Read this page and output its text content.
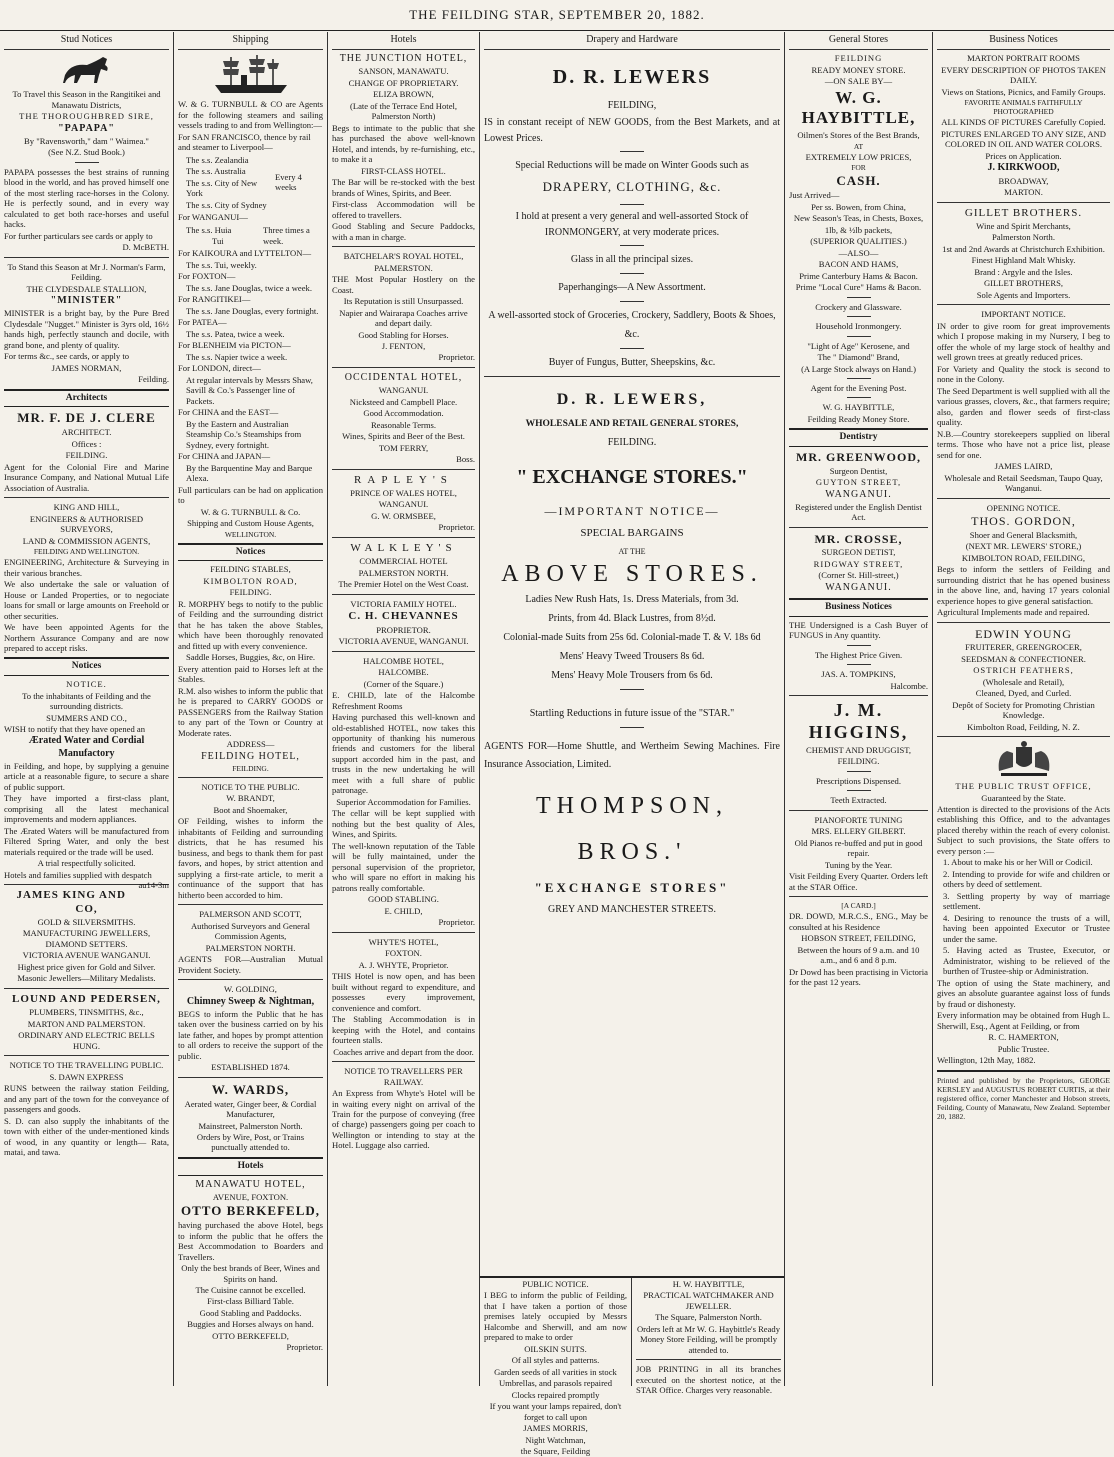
THE FEILDING STAR, SEPTEMBER 20, 1882.
Stud Notices

To Travel this Season in the Rangitikei and Manawatu Districts,

THE THOROUGHBRED SIRE,

"PAPAPA"

By "Ravensworth," dam " Waimea."

(See N.Z. Stud Book.)

PAPAPA possesses the best strains of running blood in the world, and has proved himself one of the most sterling race-horses in the Colony. He is perfectly sound, and in every way calculated to get both race-horses and useful hacks.

For further particulars see cards or apply to

D. McBETH.

To Stand this Season at Mr J. Norman's Farm, Feilding.

THE CLYDESDALE STALLION,

"MINISTER"

MINISTER is a bright bay, by the Pure Bred Clydesdale "Nugget." Minister is 3yrs old, 16½ hands high, perfectly staunch and docile, with grand bone, and plenty of quality.

For terms &c., see cards, or apply to

JAMES NORMAN,

Feilding.

Architects

MR. F. DE J. CLERE

ARCHITECT.

Offices :

FEILDING.

Agent for the Colonial Fire and Marine Insurance Company, and National Mutual Life Association of Australia.

KING AND HILL,

ENGINEERS & AUTHORISED SURVEYORS,

LAND & COMMISSION AGENTS,

FEILDING AND WELLINGTON.

ENGINEERING, Architecture & Surveying in their various branches.

We also undertake the sale or valuation of House or Landed Properties, or to negociate loans for small or large amounts on Freehold or other securities.

We have been appointed Agents for the Northern Assurance Company and are now prepared to accept risks.

Notices

NOTICE.

To the inhabitants of Feilding and the surrounding districts.

SUMMERS AND CO.,

WISH to notify that they have opened an

Ærated Water and Cordial Manufactory

in Feilding, and hope, by supplying a genuine article at a reasonable figure, to secure a share of public support.

They have imported a first-class plant, comprising all the latest mechanical improvements and modern appliances.

The Ærated Waters will be manufactured from Filtered Spring Water, and only the best materials required or the trade will be used.

A trial respectfully solicited.

Hotels and families supplied with despatch
au14-3m

JAMES KING AND CO,

GOLD & SILVERSMITHS.

MANUFACTURING JEWELLERS, DIAMOND SETTERS.

VICTORIA AVENUE WANGANUI.

Highest price given for Gold and Silver.

Masonic Jewellers—Military Medalists.

LOUND AND PEDERSEN,

PLUMBERS, TINSMITHS, &c.,

MARTON AND PALMERSTON.

ORDINARY AND ELECTRIC BELLS HUNG.

NOTICE TO THE TRAVELLING PUBLIC.

S. DAWN EXPRESS

RUNS between the railway station Feilding, and any part of the town for the conveyance of passengers and goods.

S. D. can also supply the inhabitants of the town with either of the under-mentioned kinds of wood, in any quantity or length— Rata, matai, and tawa.

Shipping

W. & G. TURNBULL & CO are Agents for the following steamers and sailing vessels trading to and from Wellington:—

For SAN FRANCISCO, thence by rail and steamer to Liverpool—

The s.s. Zealandia

The s.s. Australia

The s.s. City of New York

The s.s. City of Sydney

Every 4 weeks

For WANGANUI—

The s.s. Huia

Tui

Three times a week.

For KAIKOURA and LYTTELTON—

The s.s. Tui, weekly.

For FOXTON—

The s.s. Jane Douglas, twice a week.

For RANGITIKEI—

The s.s. Jane Douglas, every fortnight.

For PATEA—

The s.s. Patea, twice a week.

For BLENHEIM via PICTON—

The s.s. Napier twice a week.

For LONDON, direct—

At regular intervals by Messrs Shaw, Savill & Co.'s Passenger line of Packets.

For CHINA and the EAST—

By the Eastern and Australian Steamship Co.'s Steamships from Sydney, every fortnight.

For CHINA and JAPAN—

By the Barquentine May and Barque Alexa.

Full particulars can be had on application to

W. & G. TURNBULL & Co.

Shipping and Custom House Agents,

WELLINGTON.

Notices

FEILDING STABLES,

KIMBOLTON ROAD,

FEILDING.

R. MORPHY begs to notify to the public of Feilding and the surrounding district that he has taken the above Stables, which have been thoroughly renovated and fitted up with every convenience.

Saddle Horses, Buggies, &c, on Hire.

Every attention paid to Horses left at the Stables.

R.M. also wishes to inform the public that he is prepared to CARRY GOODS or PASSENGERS from the Railway Station to any part of the Town or Country at Moderate rates.

ADDRESS—

FEILDING HOTEL,

FEILDING.

NOTICE TO THE PUBLIC.

W. BRANDT,

Boot and Shoemaker,

OF Feilding, wishes to inform the inhabitants of Feilding and surrounding districts, that he has resumed his business, and begs to thank them for past favors, and hopes, by strict attention and supplying a first-rate article, to merit a continuance of the support that has hitherto been accorded to him.

PALMERSON AND SCOTT,

Authorised Surveyors and General Commission Agents,

PALMERSTON NORTH.

AGENTS FOR—Australian Mutual Provident Society.

W. GOLDING,

Chimney Sweep & Nightman,

BEGS to inform the Public that he has taken over the business carried on by his late father, and hopes by prompt attention to all orders to receive the support of the public.

ESTABLISHED 1874.

W. WARDS,

Aerated water, Ginger beer, & Cordial Manufacturer,

Mainstreet, Palmerston North.

Orders by Wire, Post, or Trains punctually attended to.

Hotels

MANAWATU HOTEL,

AVENUE, FOXTON.

OTTO BERKEFELD,

having purchased the above Hotel, begs to inform the public that he offers the Best Accommodation to Boarders and Travellers.

Only the best brands of Beer, Wines and Spirits on hand.

The Cuisine cannot be excelled.

First-class Billiard Table.

Good Stabling and Paddocks.

Buggies and Horses always on hand.

OTTO BERKEFELD,

Proprietor.

Hotels

THE JUNCTION HOTEL,

SANSON, MANAWATU.

CHANGE OF PROPRIETARY.

ELIZA BROWN,

(Late of the Terrace End Hotel, Palmerston North)

Begs to intimate to the public that she has purchased the above well-known Hotel, and intends, by re-furnishing, etc., to make it a

FIRST-CLASS HOTEL.

The Bar will be re-stocked with the best brands of Wines, Spirits, and Beer.

First-class Accommodation will be offered to travellers.

Good Stabling and Secure Paddocks, with a man in charge.

BATCHELAR'S ROYAL HOTEL,

PALMERSTON.

THE Most Popular Hostlery on the Coast.

Its Reputation is still Unsurpassed.

Napier and Wairarapa Coaches arrive and depart daily.

Good Stabling for Horses.

J. FENTON,

Proprietor.

OCCIDENTAL HOTEL,

WANGANUI.

Nicksteed and Campbell Place.

Good Accommodation.

Reasonable Terms.

Wines, Spirits and Beer of the Best.

TOM FERRY,

Boss.

RAPLEY'S

PRINCE OF WALES HOTEL,

WANGANUI.

G. W. ORMSBEE,

Proprietor.

WALKLEY'S

COMMERCIAL HOTEL

PALMERSTON NORTH.

The Premier Hotel on the West Coast.

VICTORIA FAMILY HOTEL.

C. H. CHEVANNES

PROPRIETOR.

VICTORIA AVENUE, WANGANUI.

HALCOMBE HOTEL,

HALCOMBE.

(Corner of the Square.)

E. CHILD, late of the Halcombe Refreshment Rooms

Having purchased this well-known and old-established HOTEL, now takes this opportunity of thanking his numerous friends and customers for the liberal support accorded him in the past, and trusts in the new undertaking he will meet with a full share of public patronage.

Superior Accommodation for Families.

The cellar will be kept supplied with nothing but the best quality of Ales, Wines, and Spirits.

The well-known reputation of the Table will be fully maintained, under the personal supervision of the proprietor, who will spare no effort in making his patrons really comfortable.

GOOD STABLING.

E. CHILD,

Proprietor.

WHYTE'S HOTEL,

FOXTON.

A. J. WHYTE, Proprietor.

THIS Hotel is now open, and has been built without regard to expenditure, and possesses every improvement, convenience and comfort.

The Stabling Accommodation is in keeping with the Hotel, and contains fourteen stalls.

Coaches arrive and depart from the door.

NOTICE TO TRAVELLERS PER RAILWAY.

An Express from Whyte's Hotel will be in waiting every night on arrival of the Train for the purpose of conveying (free of charge) passengers going per coach to Wellington or intending to stay at the Hotel. Luggage also carried.

Drapery and Hardware

D. R. LEWERS

FEILDING,

IS in constant receipt of NEW GOODS, from the Best Markets, and at Lowest Prices.

Special Reductions will be made on Winter Goods such as

DRAPERY, CLOTHING, &c.

I hold at present a very general and well-assorted Stock of IRONMONGERY, at very moderate prices.

Glass in all the principal sizes.

Paperhangings—A New Assortment.

A well-assorted stock of Groceries, Crockery, Saddlery, Boots & Shoes, &c.

Buyer of Fungus, Butter, Sheepskins, &c.

D. R. LEWERS,

WHOLESALE AND RETAIL GENERAL STORES,

FEILDING.

" EXCHANGE STORES."

—IMPORTANT NOTICE—

SPECIAL BARGAINS

AT THE

ABOVE STORES.

Ladies New Rush Hats, 1s. Dress Materials, from 3d.

Prints, from 4d. Black Lustres, from 8½d.

Colonial-made Suits from 25s 6d. Colonial-made T. & V. 18s 6d

Mens' Heavy Tweed Trousers 8s 6d.

Mens' Heavy Mole Trousers from 6s 6d.

Startling Reductions in future issue of the "STAR."

AGENTS FOR—Home Shuttle, and Wertheim Sewing Machines. Fire Insurance Association, Limited.

THOMPSON, BROS.'

"EXCHANGE STORES"

GREY AND MANCHESTER STREETS.

PUBLIC NOTICE.

I BEG to inform the public of Feilding, that I have taken a portion of those premises lately occupied by Messrs Halcombe and Sherwill, and am now prepared to make to order

OILSKIN SUITS.

Of all styles and patterns.

Garden seeds of all varities in stock

Umbrellas, and parasols repaired

Clocks repaired promptly

If you want your lamps repaired, don't forget to call upon

JAMES MORRIS,

Night Watchman,

the Square, Feilding

H. W. HAYBITTLE,

PRACTICAL WATCHMAKER AND JEWELLER.

The Square, Palmerston North.

Orders left at Mr W. G. Haybittle's Ready Money Store Feilding, will be promptly attended to.

JOB PRINTING in all its branches executed on the shortest notice, at the STAR Office. Charges very reasonable.

General Stores

FEILDING

READY MONEY STORE.

—ON SALE BY—

W. G. HAYBITTLE,

Oilmen's Stores of the Best Brands,

AT

EXTREMELY LOW PRICES,

FOR

CASH.

Just Arrived—

Per ss. Bowen, from China,

New Season's Teas, in Chests, Boxes,

1lb, & ½lb packets,

(SUPERIOR QUALITIES.)

—ALSO—

BACON AND HAMS,

Prime Canterbury Hams & Bacon.

Prime "Local Cure" Hams & Bacon.

Crockery and Glassware.

Household Ironmongery.

"Light of Age" Kerosene, and

The " Diamond" Brand,

(A Large Stock always on Hand.)

Agent for the Evening Post.

W. G. HAYBITTLE,

Feilding Ready Money Store.

Dentistry

MR. GREENWOOD,

Surgeon Dentist,

GUYTON STREET,

WANGANUI.

Registered under the English Dentist Act.

MR. CROSSE,

SURGEON DETIST,

RIDGWAY STREET,

(Corner St. Hill-street,)

WANGANUI.

Business Notices

THE Undersigned is a Cash Buyer of FUNGUS in Any quantity.

The Highest Price Given.

JAS. A. TOMPKINS,

Halcombe.

J. M. HIGGINS,

CHEMIST AND DRUGGIST,

FEILDING.

Prescriptions Dispensed.

Teeth Extracted.

PIANOFORTE TUNING

MRS. ELLERY GILBERT.

Old Pianos re-buffed and put in good repair.

Tuning by the Year.

Visit Feilding Every Quarter. Orders left at the STAR Office.

[A CARD.]

DR. DOWD, M.R.C.S., ENG., May be consulted at his Residence

HOBSON STREET, FEILDING,

Between the hours of 9 a.m. and 10 a.m., and 6 and 8 p.m.

Dr Dowd has been practising in Victoria for the past 12 years.

Business Notices

MARTON PORTRAIT ROOMS

EVERY DESCRIPTION OF PHOTOS TAKEN DAILY.

Views on Stations, Picnics, and Family Groups.

FAVORITE ANIMALS FAITHFULLY PHOTOGRAPHED

ALL KINDS OF PICTURES Carefully Copied.

PICTURES ENLARGED TO ANY SIZE, AND COLORED IN OIL AND WATER COLORS.

Prices on Application.

J. KIRKWOOD,

BROADWAY,

MARTON.

GILLET BROTHERS.

Wine and Spirit Merchants,

Palmerston North.

1st and 2nd Awards at Christchurch Exhibition.

Finest Highland Malt Whisky.

Brand : Argyle and the Isles.

GILLET BROTHERS,

Sole Agents and Importers.

IMPORTANT NOTICE.

IN order to give room for great improvements which I propose making in my Nursery, I beg to offer the whole of my large stock of healthy and well grown trees at greatly reduced prices.

For Variety and Quality the stock is second to none in the Colony.

The Seed Department is well supplied with all the various grasses, clovers, &c., that farmers require; also, garden and flower seeds of first-class quality.

N.B.—Country storekeepers supplied on liberal terms. Those who have not a price list, please send for one.

JAMES LAIRD,

Wholesale and Retail Seedsman, Taupo Quay, Wanganui.

OPENING NOTICE.

THOS. GORDON,

Shoer and General Blacksmith,

(NEXT MR. LEWERS' STORE,)

KIMBOLTON ROAD, FEILDING,

Begs to inform the settlers of Feilding and surrounding district that he has opened business in the above line, and, having 17 years colonial experience hopes to give general satisfaction.

Agricultural Implements made and repaired.

EDWIN YOUNG

FRUITERER, GREENGROCER,

SEEDSMAN & CONFECTIONER.

OSTRICH FEATHERS,

(Wholesale and Retail),

Cleaned, Dyed, and Curled.

Depôt of Society for Promoting Christian Knowledge.

Kimbolton Road, Feilding, N. Z.

THE PUBLIC TRUST OFFICE,

Guaranteed by the State.

Attention is directed to the provisions of the Acts establishing this Office, and to the advantages placed thereby within the reach of every colonist. Subject to such provisions, the State offers to every person :—

1. About to make his or her Will or Codicil.

2. Intending to provide for wife and children or others by deed of settlement.

3. Settling property by way of marriage settlement.

4. Desiring to renounce the trusts of a will, having been appointed Executor or Trustee under the same.

5. Having acted as Trustee, Executor, or Administrator, wishing to be relieved of the burthen of Trustee-ship or Administration.

The option of using the State machinery, and gives an absolute guarantee against loss of funds by fraud or dishonesty.

Every information may be obtained from Hugh L. Sherwill, Esq., Agent at Feilding, or from

R. C. HAMERTON,

Public Trustee.

Wellington, 12th May, 1882.

Printed and published by the Proprietors, GEORGE KERSLEY and AUGUSTUS ROBERT CURTIS, at their registered office, corner Manchester and Hobson streets, Feilding, County of Manawatu, New Zealand. September 20, 1882.
